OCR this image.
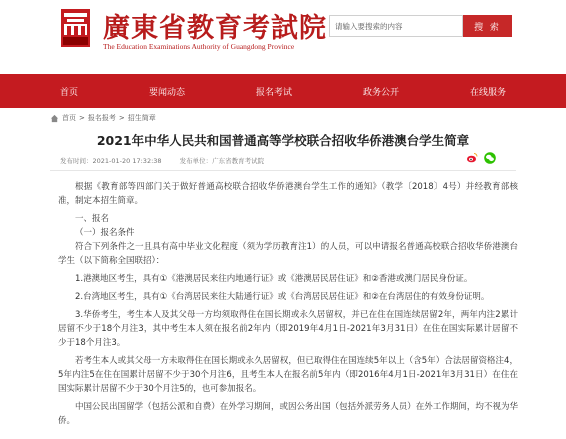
廣東省教育考試院
The Education Examinations Authority of Guangdong Province
请输入要搜索的内容
搜 索
首页	要闻动态	报名考试	政务公开	在线服务
首页 > 报名报考 > 招生简章
2021年中华人民共和国普通高等学校联合招收华侨港澳台学生简章
发布时间：2021-01-20 17:32:38	发布单位：广东省教育考试院

根据《教育部等四部门关于做好普通高校联合招收华侨港澳台学生工作的通知》（教学〔2018〕4号）并经教育部核准，制定本招生简章。

一、报名

（一）报名条件

符合下列条件之一且具有高中毕业文化程度（须为学历教育注1）的人员，可以申请报名普通高校联合招收华侨港澳台学生（以下简称全国联招）：

1.港澳地区考生，具有①《港澳居民来往内地通行证》或《港澳居民居住证》和②香港或澳门居民身份证。

2.台湾地区考生，具有①《台湾居民来往大陆通行证》或《台湾居民居住证》和②在台湾居住的有效身份证明。

3.华侨考生，考生本人及其父母一方均须取得住在国长期或永久居留权，并已在住在国连续居留2年，两年内注2累计居留不少于18个月注3，其中考生本人须在报名前2年内（即2019年4月1日-2021年3月31日）在住在国实际累计居留不少于18个月注3。

若考生本人或其父母一方未取得住在国长期或永久居留权，但已取得住在国连续5年以上（含5年）合法居留资格注4，5年内注5在住在国累计居留不少于30个月注6，且考生本人在报名前5年内（即2016年4月1日-2021年3月31日）在住在国实际累计居留不少于30个月注5的，也可参加报名。

中国公民出国留学（包括公派和自费）在外学习期间，或因公务出国（包括外派劳务人员）在外工作期间，均不视为华侨。
